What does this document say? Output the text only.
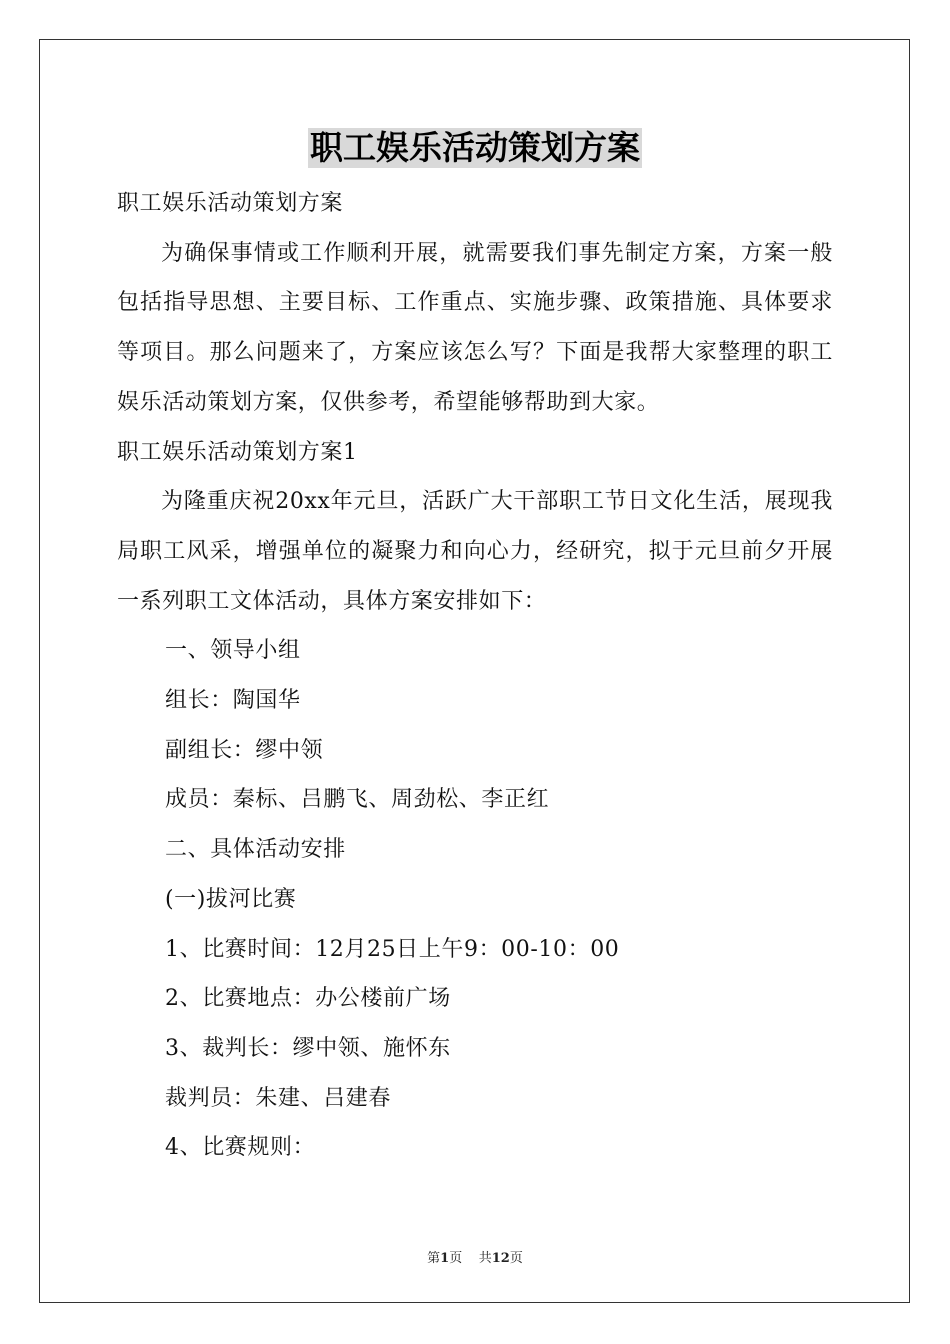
职工娱乐活动策划方案

职工娱乐活动策划方案

为确保事情或工作顺利开展，就需要我们事先制定方案，方案一般包括指导思想、主要目标、工作重点、实施步骤、政策措施、具体要求等项目。那么问题来了，方案应该怎么写？下面是我帮大家整理的职工娱乐活动策划方案，仅供参考，希望能够帮助到大家。

职工娱乐活动策划方案1

为隆重庆祝20xx年元旦，活跃广大干部职工节日文化生活，展现我局职工风采，增强单位的凝聚力和向心力，经研究，拟于元旦前夕开展一系列职工文体活动，具体方案安排如下：

一、领导小组

组长：陶国华

副组长：缪中领

成员：秦标、吕鹏飞、周劲松、李正红

二、具体活动安排

(一)拔河比赛

1、比赛时间：12月25日上午9：00-10：00

2、比赛地点：办公楼前广场

3、裁判长：缪中领、施怀东

裁判员：朱建、吕建春

4、比赛规则：

第1页 共12页
